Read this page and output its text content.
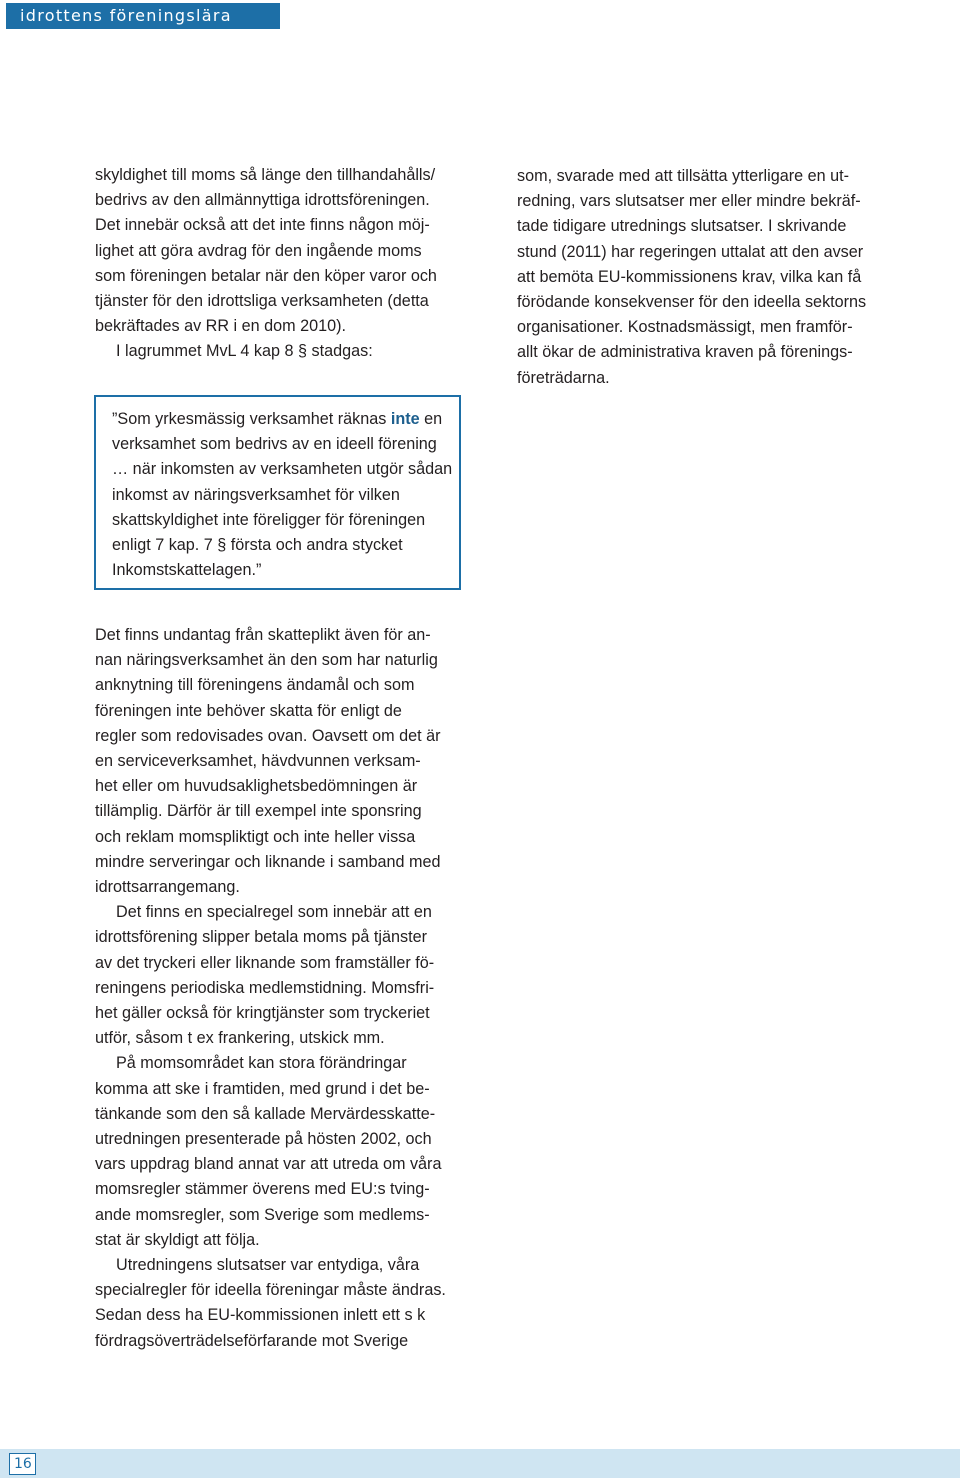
idrottens föreningslära

skyldighet till moms så länge den tillhandahålls/

bedrivs av den allmännyttiga idrottsföreningen.

Det innebär också att det inte finns någon möj-

lighet att göra avdrag för den ingående moms

som föreningen betalar när den köper varor och

tjänster för den idrottsliga verksamheten (detta

bekräftades av RR i en dom 2010).

I lagrummet MvL 4 kap 8 § stadgas:

”Som yrkesmässig verksamhet räknas inte en verksamhet som bedrivs av en ideell förening … när inkomsten av verksamheten utgör sådan inkomst av näringsverksamhet för vilken skattskyldighet inte föreligger för föreningen enligt 7 kap. 7 § första och andra stycket Inkomstskattelagen.”

som, svarade med att tillsätta ytterligare en ut-

redning, vars slutsatser mer eller mindre bekräf-

tade tidigare utrednings slutsatser. I skrivande

stund (2011) har regeringen uttalat att den avser

att bemöta EU-kommissionens krav, vilka kan få

förödande konsekvenser för den ideella sektorns

organisationer. Kostnadsmässigt, men framför-

allt ökar de administrativa kraven på förenings-

företrädarna.

Det finns undantag från skatteplikt även för an-

nan näringsverksamhet än den som har naturlig

anknytning till föreningens ändamål och som

föreningen inte behöver skatta för enligt de

regler som redovisades ovan. Oavsett om det är

en serviceverksamhet, hävdvunnen verksam-

het eller om huvudsaklighetsbedömningen är

tillämplig. Därför är till exempel inte sponsring

och reklam momspliktigt och inte heller vissa

mindre serveringar och liknande i samband med

idrottsarrangemang.

Det finns en specialregel som innebär att en

idrottsförening slipper betala moms på tjänster

av det tryckeri eller liknande som framställer fö-

reningens periodiska medlemstidning. Momsfri-

het gäller också för kringtjänster som tryckeriet

utför, såsom t ex frankering, utskick mm.

På momsområdet kan stora förändringar

komma att ske i framtiden, med grund i det be-

tänkande som den så kallade Mervärdesskatte-

utredningen presenterade på hösten 2002, och

vars uppdrag bland annat var att utreda om våra

momsregler stämmer överens med EU:s tving-

ande momsregler, som Sverige som medlems-

stat är skyldigt att följa.

Utredningens slutsatser var entydiga, våra

specialregler för ideella föreningar måste ändras.

Sedan dess ha EU-kommissionen inlett ett s k

fördragsöverträdelseförfarande mot Sverige

16
